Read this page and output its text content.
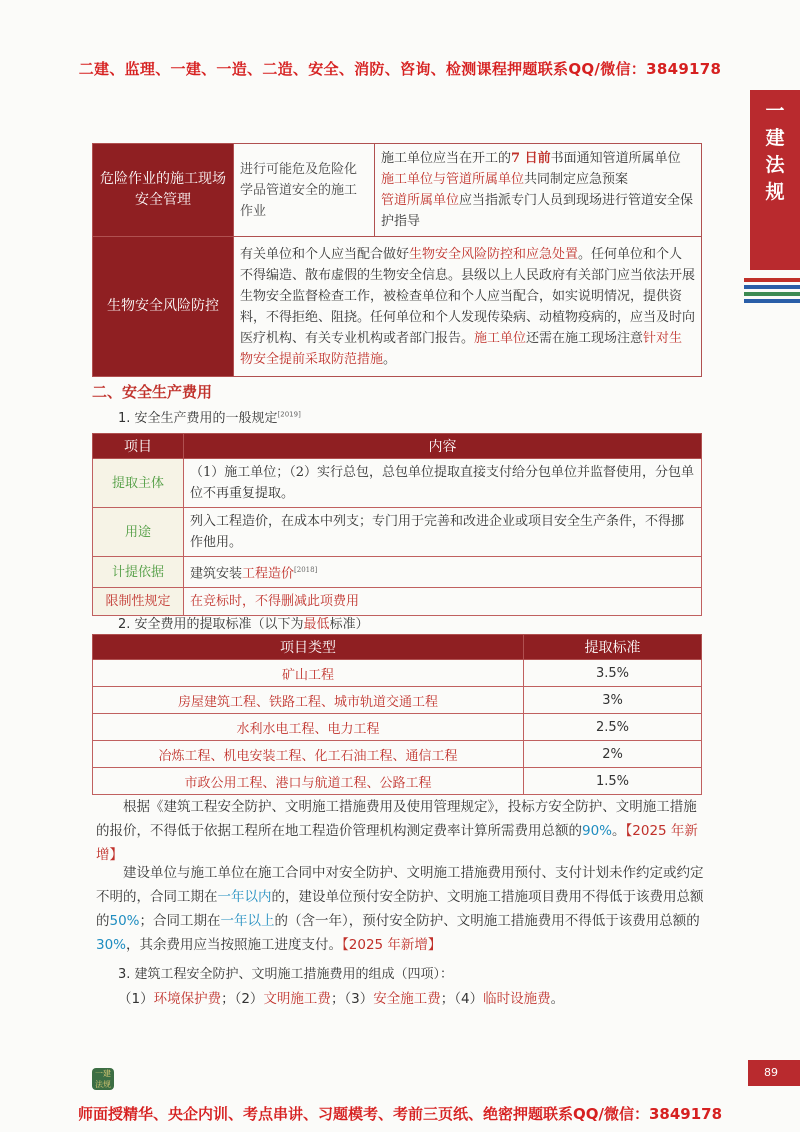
二建、监理、一建、一造、二造、安全、消防、咨询、检测课程押题联系QQ/微信：3849178
一
建
法
规
危险作业的施工现场安全管理	进行可能危及危险化学品管道安全的施工作业	施工单位应当在开工的7 日前书面通知管道所属单位
施工单位与管道所属单位共同制定应急预案
管道所属单位应当指派专门人员到现场进行管道安全保护指导
生物安全风险防控	有关单位和个人应当配合做好生物安全风险防控和应急处置。任何单位和个人不得编造、散布虚假的生物安全信息。县级以上人民政府有关部门应当依法开展生物安全监督检查工作，被检查单位和个人应当配合，如实说明情况，提供资料，不得拒绝、阻挠。任何单位和个人发现传染病、动植物疫病的，应当及时向医疗机构、有关专业机构或者部门报告。施工单位还需在施工现场注意针对生物安全提前采取防范措施。	
二、安全生产费用
1. 安全生产费用的一般规定[2019]
项目	内容
提取主体	（1）施工单位；（2）实行总包，总包单位提取直接支付给分包单位并监督使用，分包单位不再重复提取。
用途	列入工程造价，在成本中列支；专门用于完善和改进企业或项目安全生产条件，不得挪作他用。
计提依据	建筑安装工程造价[2018]
限制性规定	在竞标时，不得删减此项费用
2. 安全费用的提取标准（以下为最低标准）
项目类型	提取标准
矿山工程	3.5%
房屋建筑工程、铁路工程、城市轨道交通工程	3%
水利水电工程、电力工程	2.5%
冶炼工程、机电安装工程、化工石油工程、通信工程	2%
市政公用工程、港口与航道工程、公路工程	1.5%
根据《建筑工程安全防护、文明施工措施费用及使用管理规定》，投标方安全防护、文明施工措施的报价，不得低于依据工程所在地工程造价管理机构测定费率计算所需费用总额的90%。【2025 年新增】
建设单位与施工单位在施工合同中对安全防护、文明施工措施费用预付、支付计划未作约定或约定不明的，合同工期在一年以内的，建设单位预付安全防护、文明施工措施项目费用不得低于该费用总额的50%；合同工期在一年以上的（含一年），预付安全防护、文明施工措施费用不得低于该费用总额的30%，其余费用应当按照施工进度支付。【2025 年新增】
3. 建筑工程安全防护、文明施工措施费用的组成（四项）：
（1）环境保护费；（2）文明施工费；（3）安全施工费；（4）临时设施费。
一建 法规
89
师面授精华、央企内训、考点串讲、习题模考、考前三页纸、绝密押题联系QQ/微信：3849178
